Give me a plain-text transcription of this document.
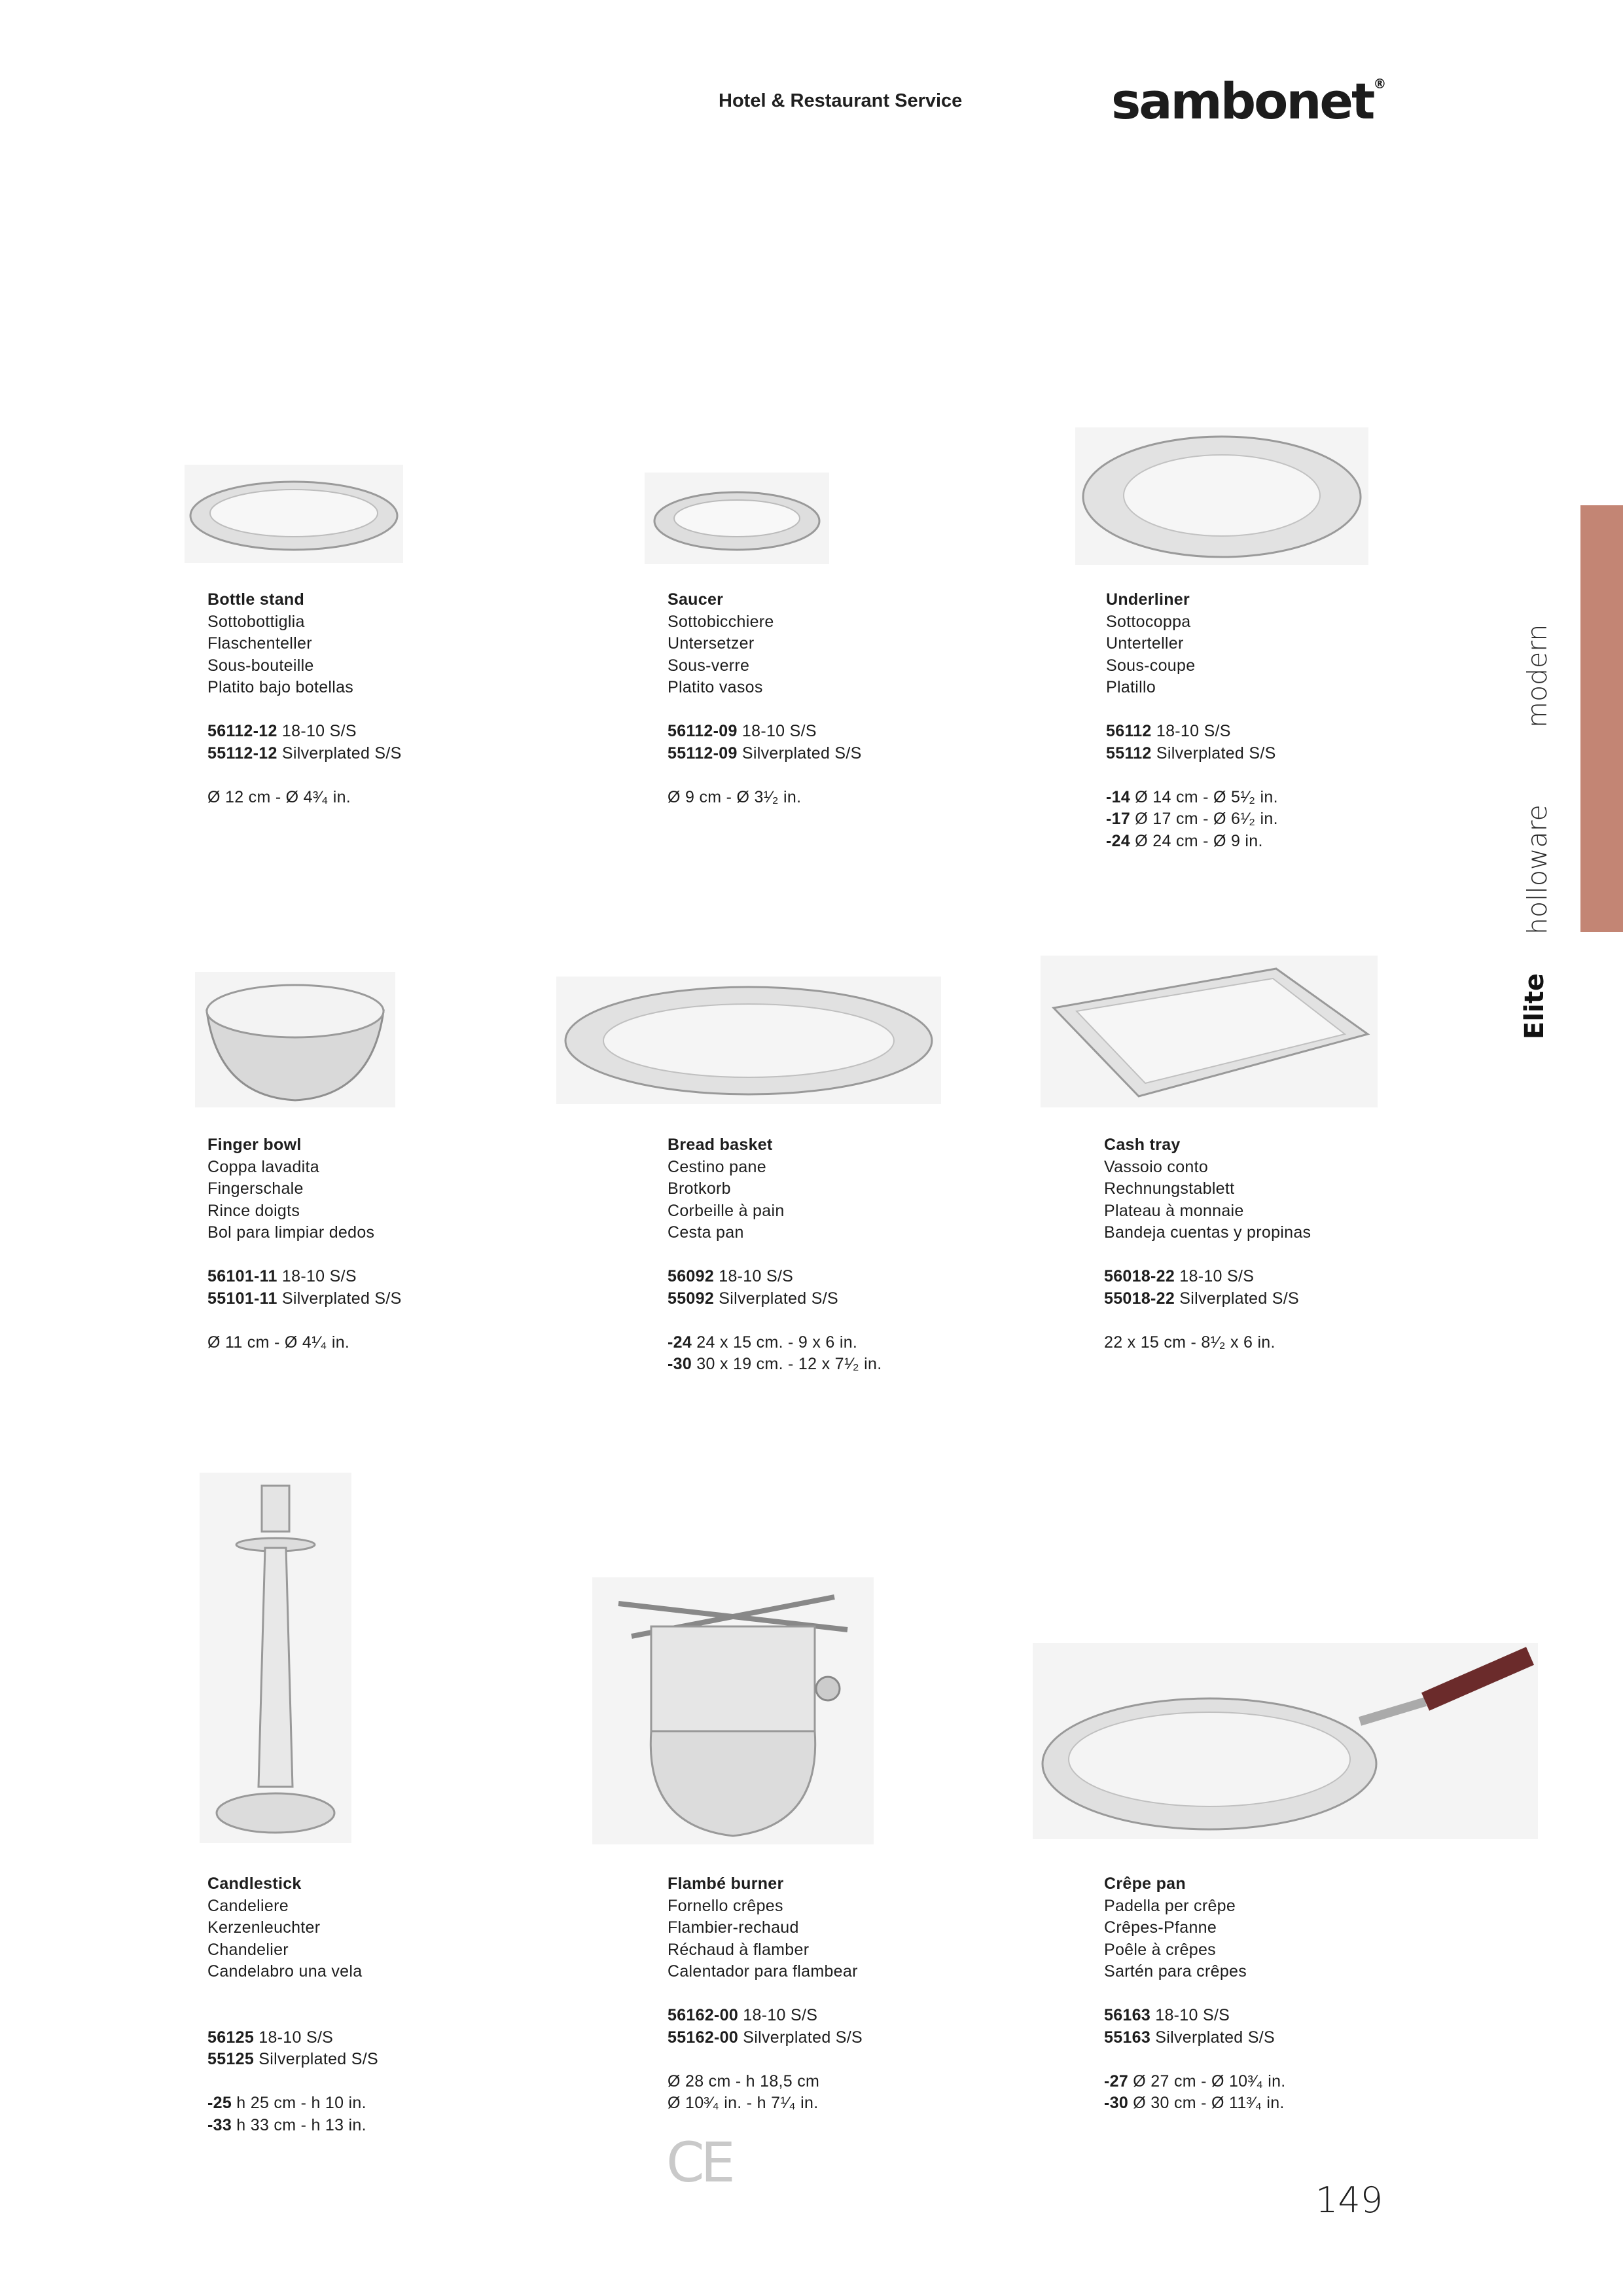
Hotel & Restaurant Service	sambonet®
modern
holloware
Elite
Bottle stand
Sottobottiglia
Flaschenteller
Sous-bouteille
Platito bajo botellas
56112-12 18-10 S/S
55112-12 Silverplated S/S
Ø 12 cm - Ø 4³⁄₄ in.
Saucer
Sottobicchiere
Untersetzer
Sous-verre
Platito vasos
56112-09 18-10 S/S
55112-09 Silverplated S/S
Ø 9 cm - Ø 3¹⁄₂ in.
Underliner
Sottocoppa
Unterteller
Sous-coupe
Platillo
56112 18-10 S/S
55112 Silverplated S/S
-14 Ø 14 cm - Ø 5¹⁄₂ in.
-17 Ø 17 cm - Ø 6¹⁄₂ in.
-24 Ø 24 cm - Ø 9 in.
Finger bowl
Coppa lavadita
Fingerschale
Rince doigts
Bol para limpiar dedos
56101-11 18-10 S/S
55101-11 Silverplated S/S
Ø 11 cm - Ø 4¹⁄₄ in.
Bread basket
Cestino pane
Brotkorb
Corbeille à pain
Cesta pan
56092 18-10 S/S
55092 Silverplated S/S
-24 24 x 15 cm. - 9 x 6 in.
-30 30 x 19 cm. - 12 x 7¹⁄₂ in.
Cash tray
Vassoio conto
Rechnungstablett
Plateau à monnaie
Bandeja cuentas y propinas
56018-22 18-10 S/S
55018-22 Silverplated S/S
22 x 15 cm - 8¹⁄₂ x 6 in.
Candlestick
Candeliere
Kerzenleuchter
Chandelier
Candelabro una vela
56125 18-10 S/S
55125 Silverplated S/S
-25 h 25 cm - h 10 in.
-33 h 33 cm - h 13 in.
Flambé burner
Fornello crêpes
Flambier-rechaud
Réchaud à flamber
Calentador para flambear
56162-00 18-10 S/S
55162-00 Silverplated S/S
Ø 28 cm - h 18,5 cm
Ø 10³⁄₄ in. - h 7¹⁄₄ in.
Crêpe pan
Padella per crêpe
Crêpes-Pfanne
Poêle à crêpes
Sartén para crêpes
56163 18-10 S/S
55163 Silverplated S/S
-27 Ø 27 cm - Ø 10³⁄₄ in.
-30 Ø 30 cm - Ø 11³⁄₄ in.
CE
149
